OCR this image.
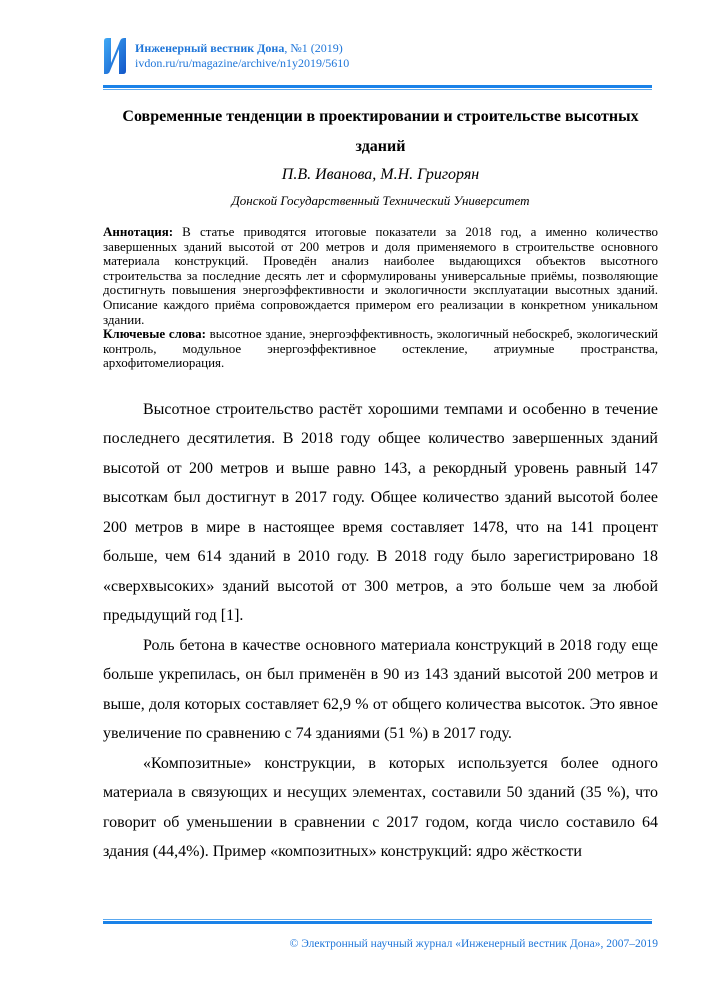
Инженерный вестник Дона, №1 (2019)
ivdon.ru/ru/magazine/archive/n1y2019/5610
Современные тенденции в проектировании и строительстве высотных
зданий

П.В. Иванова, М.Н. Григорян

Донской Государственный Технический Университет

Аннотация: В статье приводятся итоговые показатели за 2018 год, а именно количество завершенных зданий высотой от 200 метров и доля применяемого в строительстве основного материала конструкций. Проведён анализ наиболее выдающихся объектов высотного строительства за последние десять лет и сформулированы универсальные приёмы, позволяющие достигнуть повышения энергоэффективности и экологичности эксплуатации высотных зданий. Описание каждого приёма сопровождается примером его реализации в конкретном уникальном здании.

Ключевые слова: высотное здание, энергоэффективность, экологичный небоскреб, экологический контроль, модульное энергоэффективное остекление, атриумные пространства, архофитомелиорация.

Высотное строительство растёт хорошими темпами и особенно в течение последнего десятилетия. В 2018 году общее количество завершенных зданий высотой от 200 метров и выше равно 143, а рекордный уровень равный 147 высоткам был достигнут в 2017 году. Общее количество зданий высотой более 200 метров в мире в настоящее время составляет 1478, что на 141 процент больше, чем 614 зданий в 2010 году. В 2018 году было зарегистрировано 18 «сверхвысоких» зданий высотой от 300 метров, а это больше чем за любой предыдущий год [1].

Роль бетона в качестве основного материала конструкций в 2018 году еще больше укрепилась, он был применён в 90 из 143 зданий высотой 200 метров и выше, доля которых составляет 62,9 % от общего количества высоток. Это явное увеличение по сравнению с 74 зданиями (51 %) в 2017 году.

«Композитные» конструкции, в которых используется более одного материала в связующих и несущих элементах, составили 50 зданий (35 %), что говорит об уменьшении в сравнении с 2017 годом, когда число составило 64 здания (44,4%). Пример «композитных» конструкций: ядро жёсткости

© Электронный научный журнал «Инженерный вестник Дона», 2007–2019
